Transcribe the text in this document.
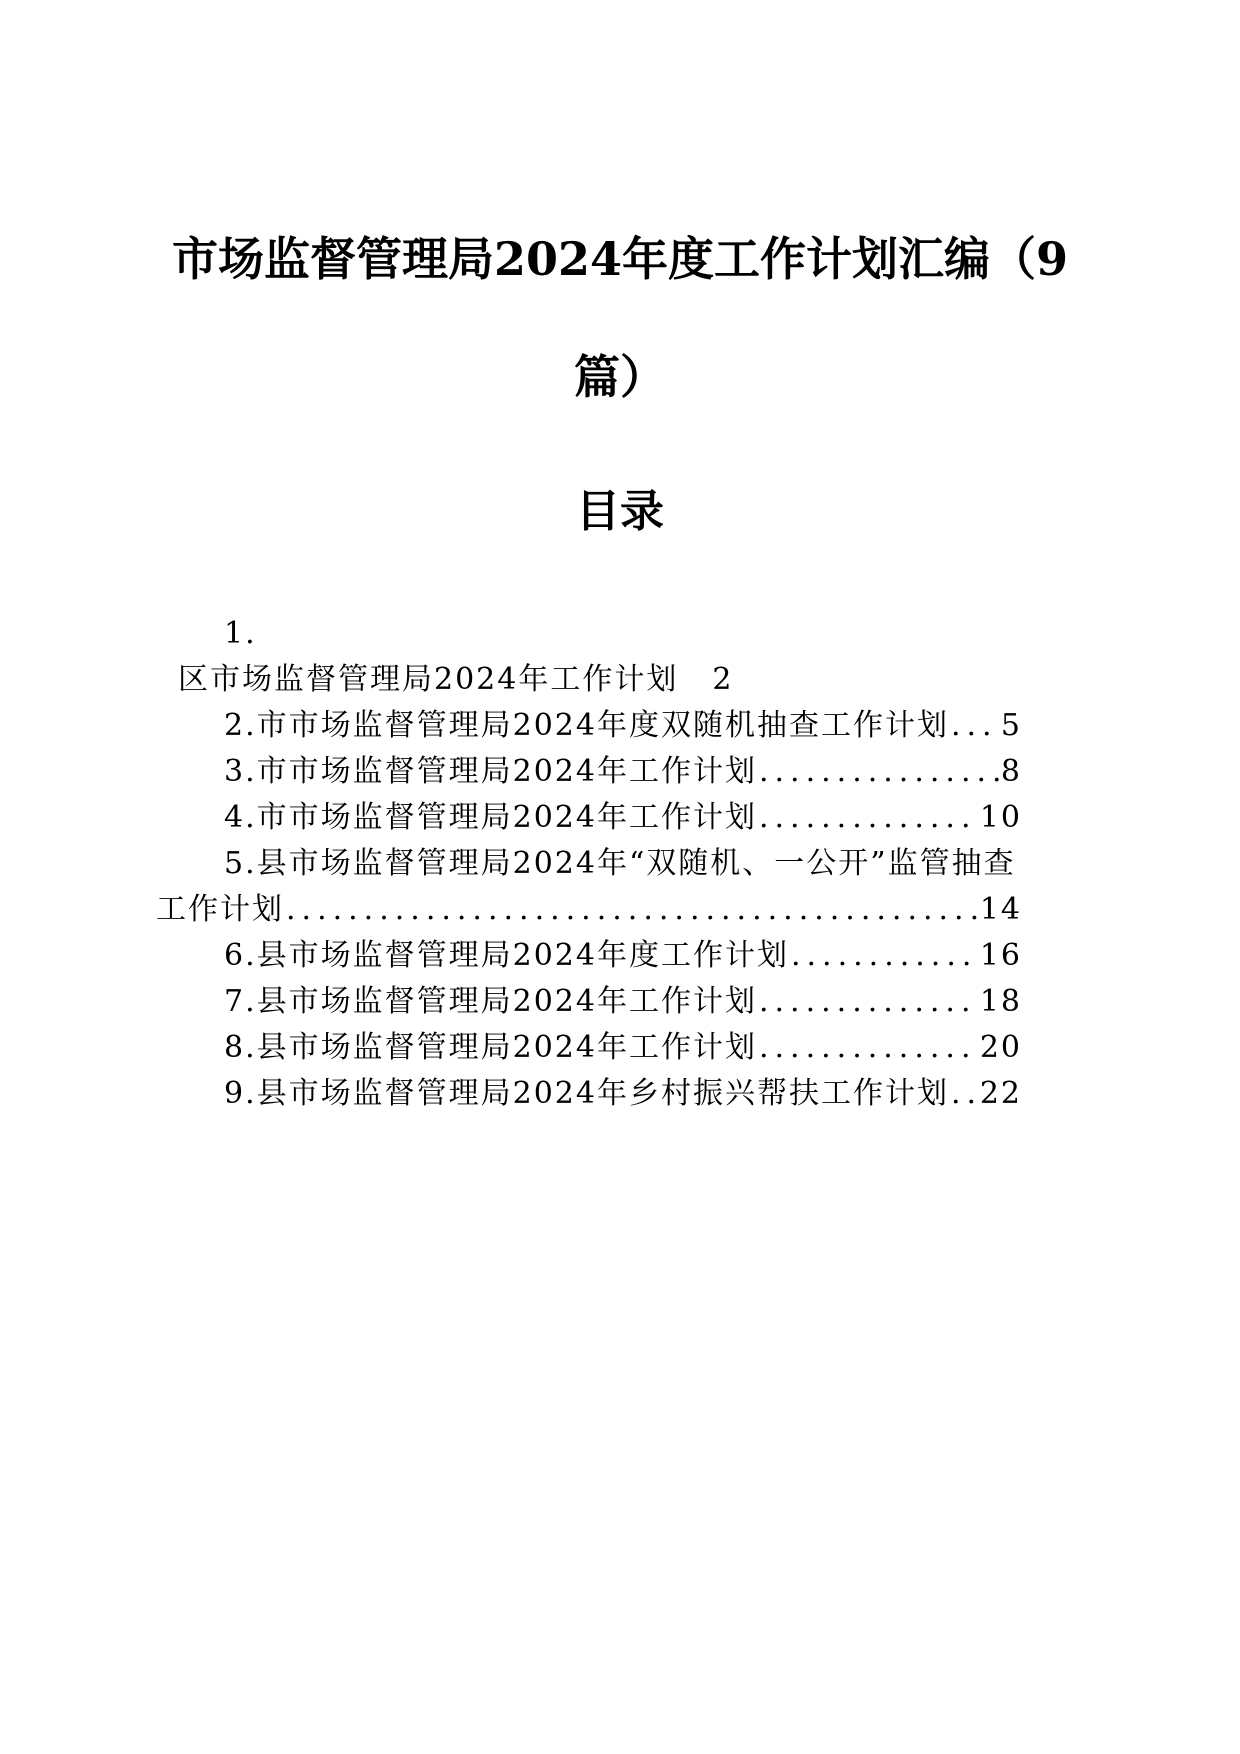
市场监督管理局2024年度工作计划汇编（9
篇）
目录
1.
区市场监督管理局2024年工作计划 2
2.市市场监督管理局2024年度双随机抽查工作计划 ..... 5
3.市市场监督管理局2024年工作计划 .....	8
4.市市场监督管理局2024年工作计划 .....	10
5.县市场监督管理局2024年“双随机、一公开”监管抽查
工作计划 .....	14
6.县市场监督管理局2024年度工作计划 .....	16
7.县市场监督管理局2024年工作计划 .....	18
8.县市场监督管理局2024年工作计划 .....	20
9.县市场监督管理局2024年乡村振兴帮扶工作计划 ..... 22
